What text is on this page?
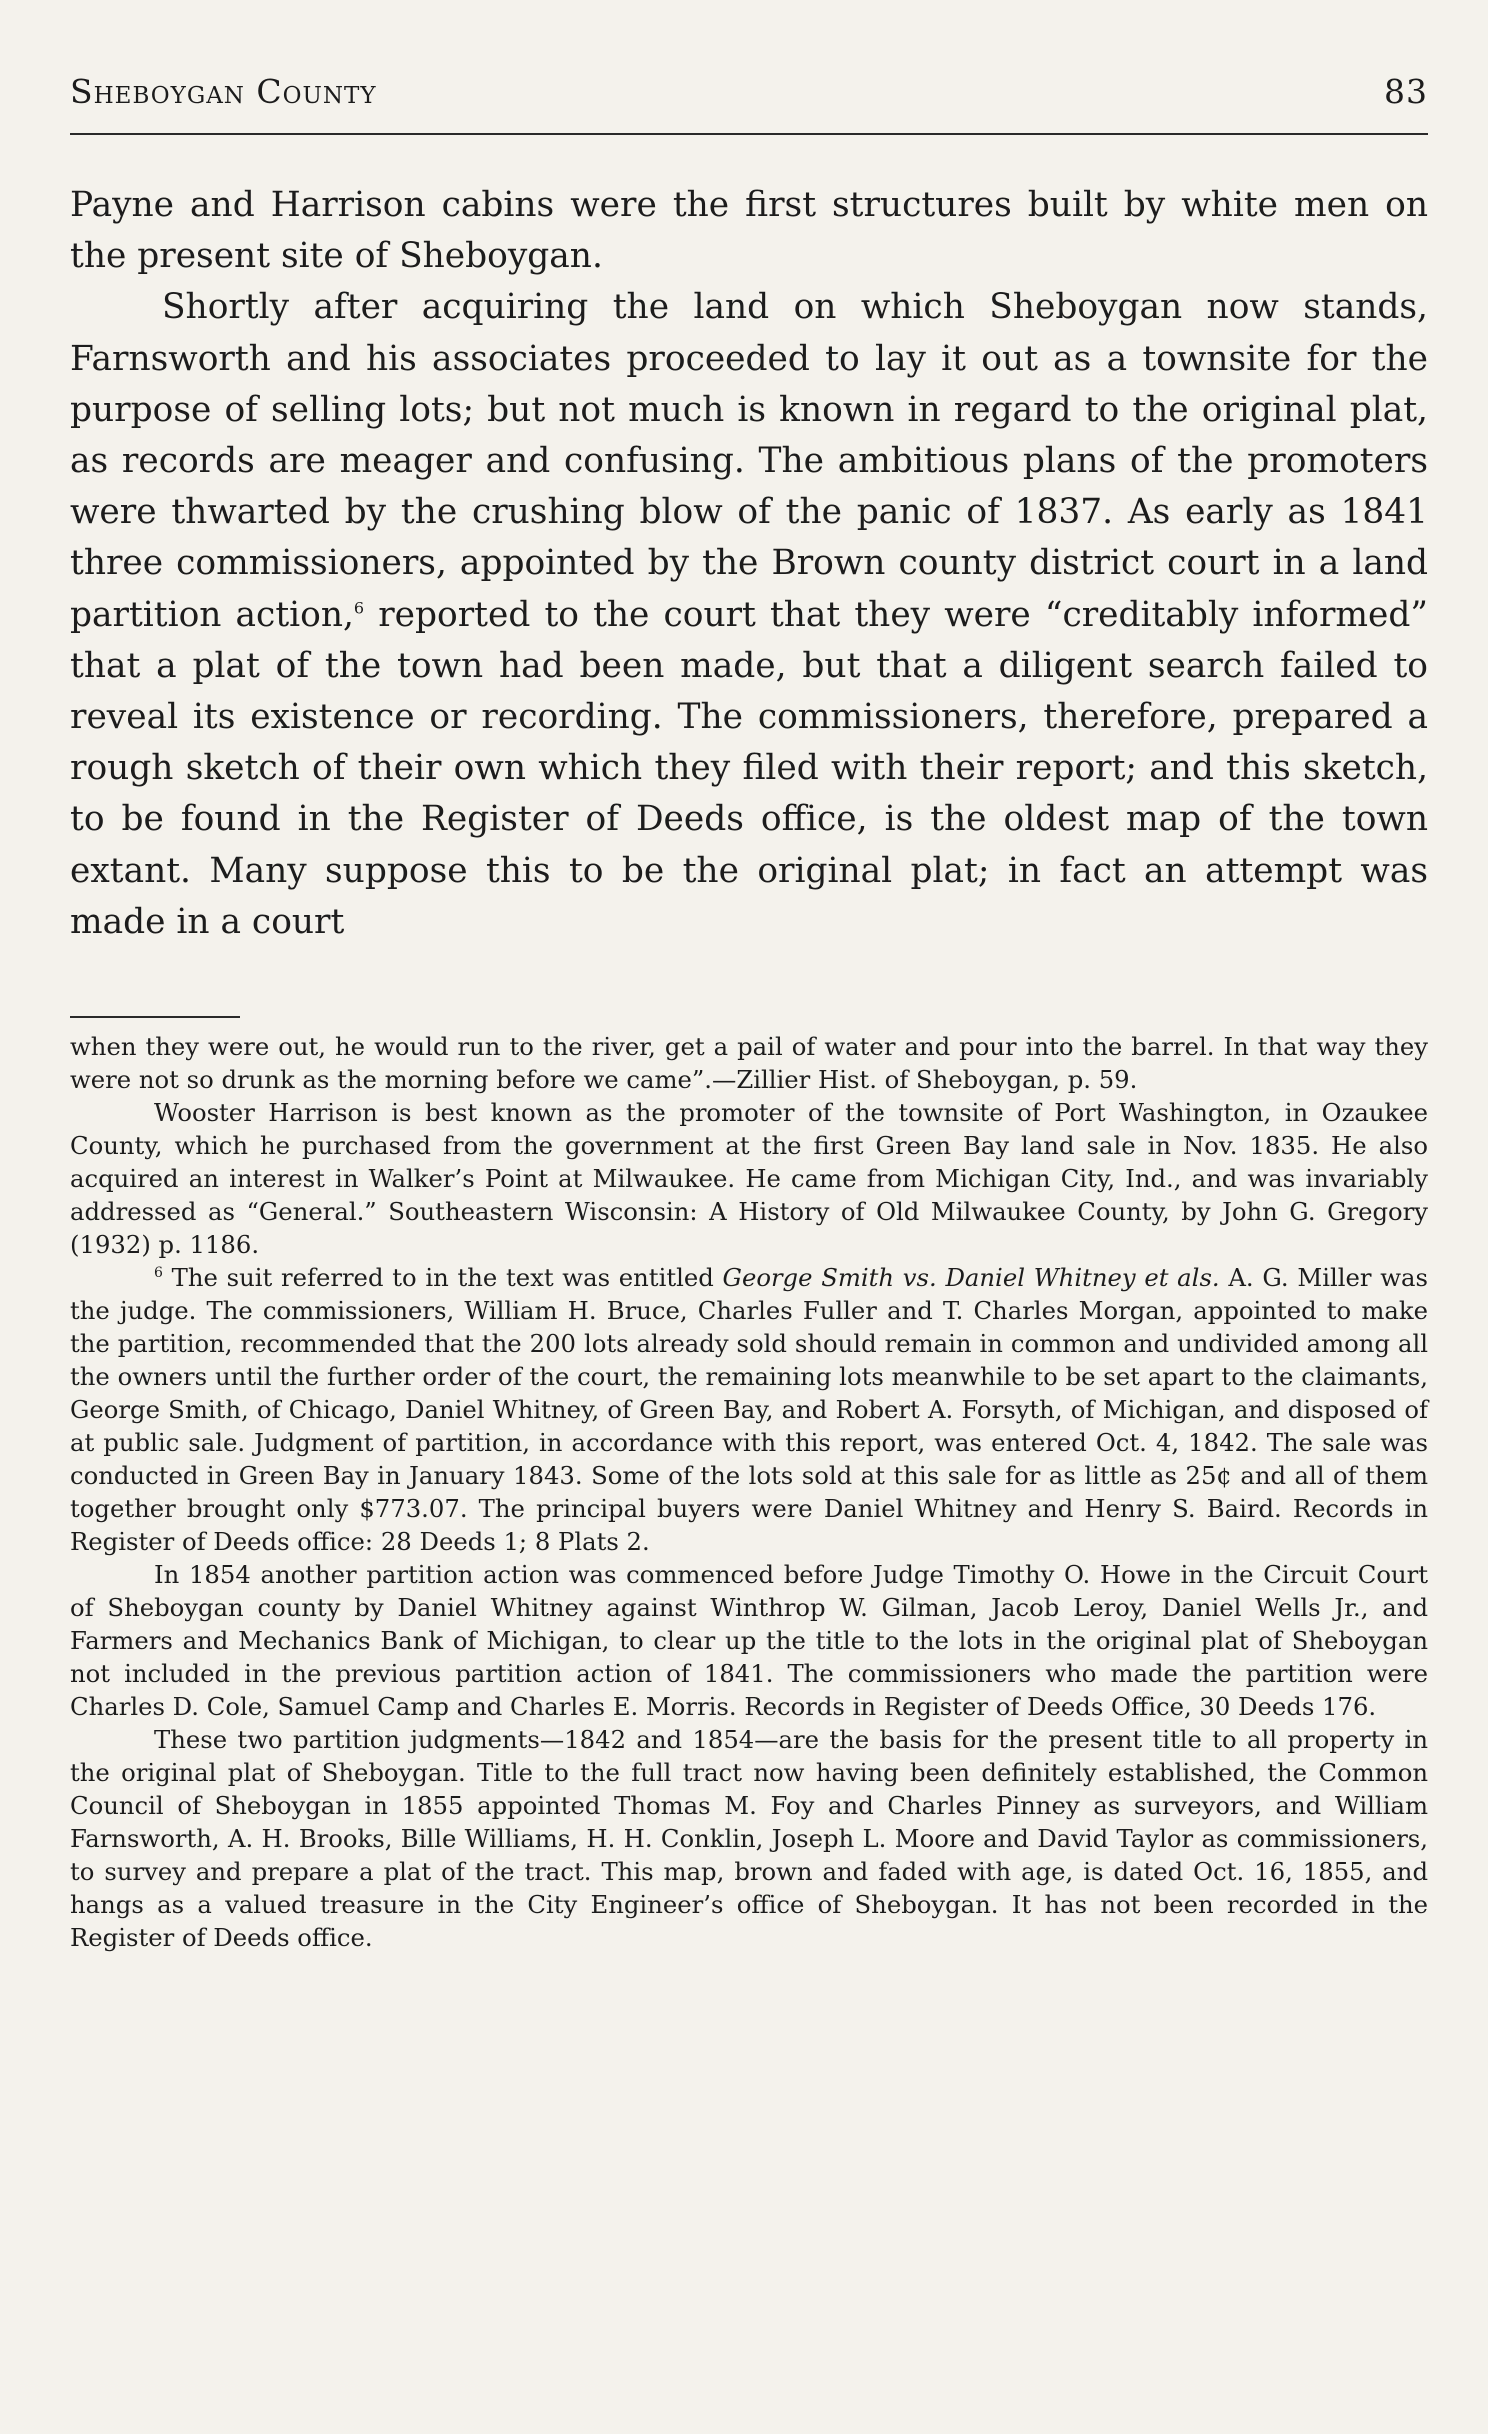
Sheboygan County	83

Payne and Harrison cabins were the first structures built by white men on the present site of Sheboygan.

Shortly after acquiring the land on which Sheboygan now stands, Farnsworth and his associates proceeded to lay it out as a townsite for the purpose of selling lots; but not much is known in regard to the original plat, as records are meager and confusing. The ambitious plans of the promoters were thwarted by the crushing blow of the panic of 1837. As early as 1841 three commissioners, appointed by the Brown county district court in a land partition action,$^6$ reported to the court that they were “creditably informed” that a plat of the town had been made, but that a diligent search failed to reveal its existence or recording. The commissioners, therefore, prepared a rough sketch of their own which they filed with their report; and this sketch, to be found in the Register of Deeds office, is the oldest map of the town extant. Many suppose this to be the original plat; in fact an attempt was made in a court

when they were out, he would run to the river, get a pail of water and pour into the barrel. In that way they were not so drunk as the morning before we came”.—Zillier Hist. of Sheboygan, p. 59.

Wooster Harrison is best known as the promoter of the townsite of Port Washington, in Ozaukee County, which he purchased from the government at the first Green Bay land sale in Nov. 1835. He also acquired an interest in Walker’s Point at Milwaukee. He came from Michigan City, Ind., and was invariably addressed as “General.” Southeastern Wisconsin: A History of Old Milwaukee County, by John G. Gregory (1932) p. 1186.

$^6$ The suit referred to in the text was entitled George Smith vs. Daniel Whitney et als. A. G. Miller was the judge. The commissioners, William H. Bruce, Charles Fuller and T. Charles Morgan, appointed to make the partition, recommended that the 200 lots already sold should remain in common and undivided among all the owners until the further order of the court, the remaining lots meanwhile to be set apart to the claimants, George Smith, of Chicago, Daniel Whitney, of Green Bay, and Robert A. Forsyth, of Michigan, and disposed of at public sale. Judgment of partition, in accordance with this report, was entered Oct. 4, 1842. The sale was conducted in Green Bay in January 1843. Some of the lots sold at this sale for as little as 25¢ and all of them together brought only $773.07. The principal buyers were Daniel Whitney and Henry S. Baird. Records in Register of Deeds office: 28 Deeds 1; 8 Plats 2.

In 1854 another partition action was commenced before Judge Timothy O. Howe in the Circuit Court of Sheboygan county by Daniel Whitney against Winthrop W. Gilman, Jacob Leroy, Daniel Wells Jr., and Farmers and Mechanics Bank of Michigan, to clear up the title to the lots in the original plat of Sheboygan not included in the previous partition action of 1841. The commissioners who made the partition were Charles D. Cole, Samuel Camp and Charles E. Morris. Records in Register of Deeds Office, 30 Deeds 176.

These two partition judgments—1842 and 1854—are the basis for the present title to all property in the original plat of Sheboygan. Title to the full tract now having been definitely established, the Common Council of Sheboygan in 1855 appointed Thomas M. Foy and Charles Pinney as surveyors, and William Farnsworth, A. H. Brooks, Bille Williams, H. H. Conklin, Joseph L. Moore and David Taylor as commissioners, to survey and prepare a plat of the tract. This map, brown and faded with age, is dated Oct. 16, 1855, and hangs as a valued treasure in the City Engineer’s office of Sheboygan. It has not been recorded in the Register of Deeds office.
